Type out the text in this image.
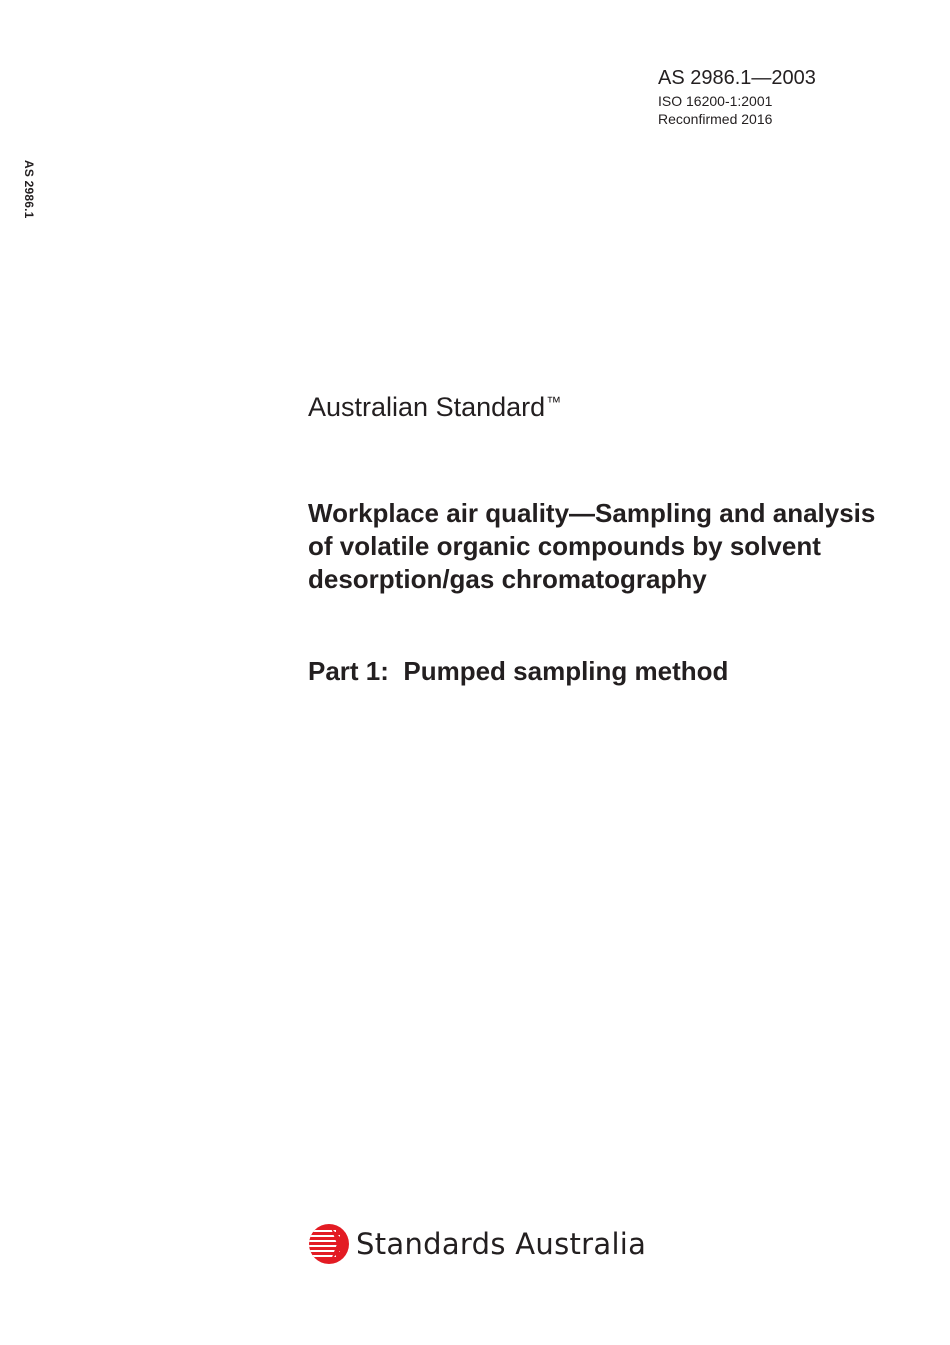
AS 2986.1
AS 2986.1—2003
ISO 16200-1:2001
Reconfirmed 2016
Australian Standard™
Workplace air quality—Sampling and analysis of volatile organic compounds by solvent desorption/gas chromatography
Part 1:  Pumped sampling method
Standards Australia
